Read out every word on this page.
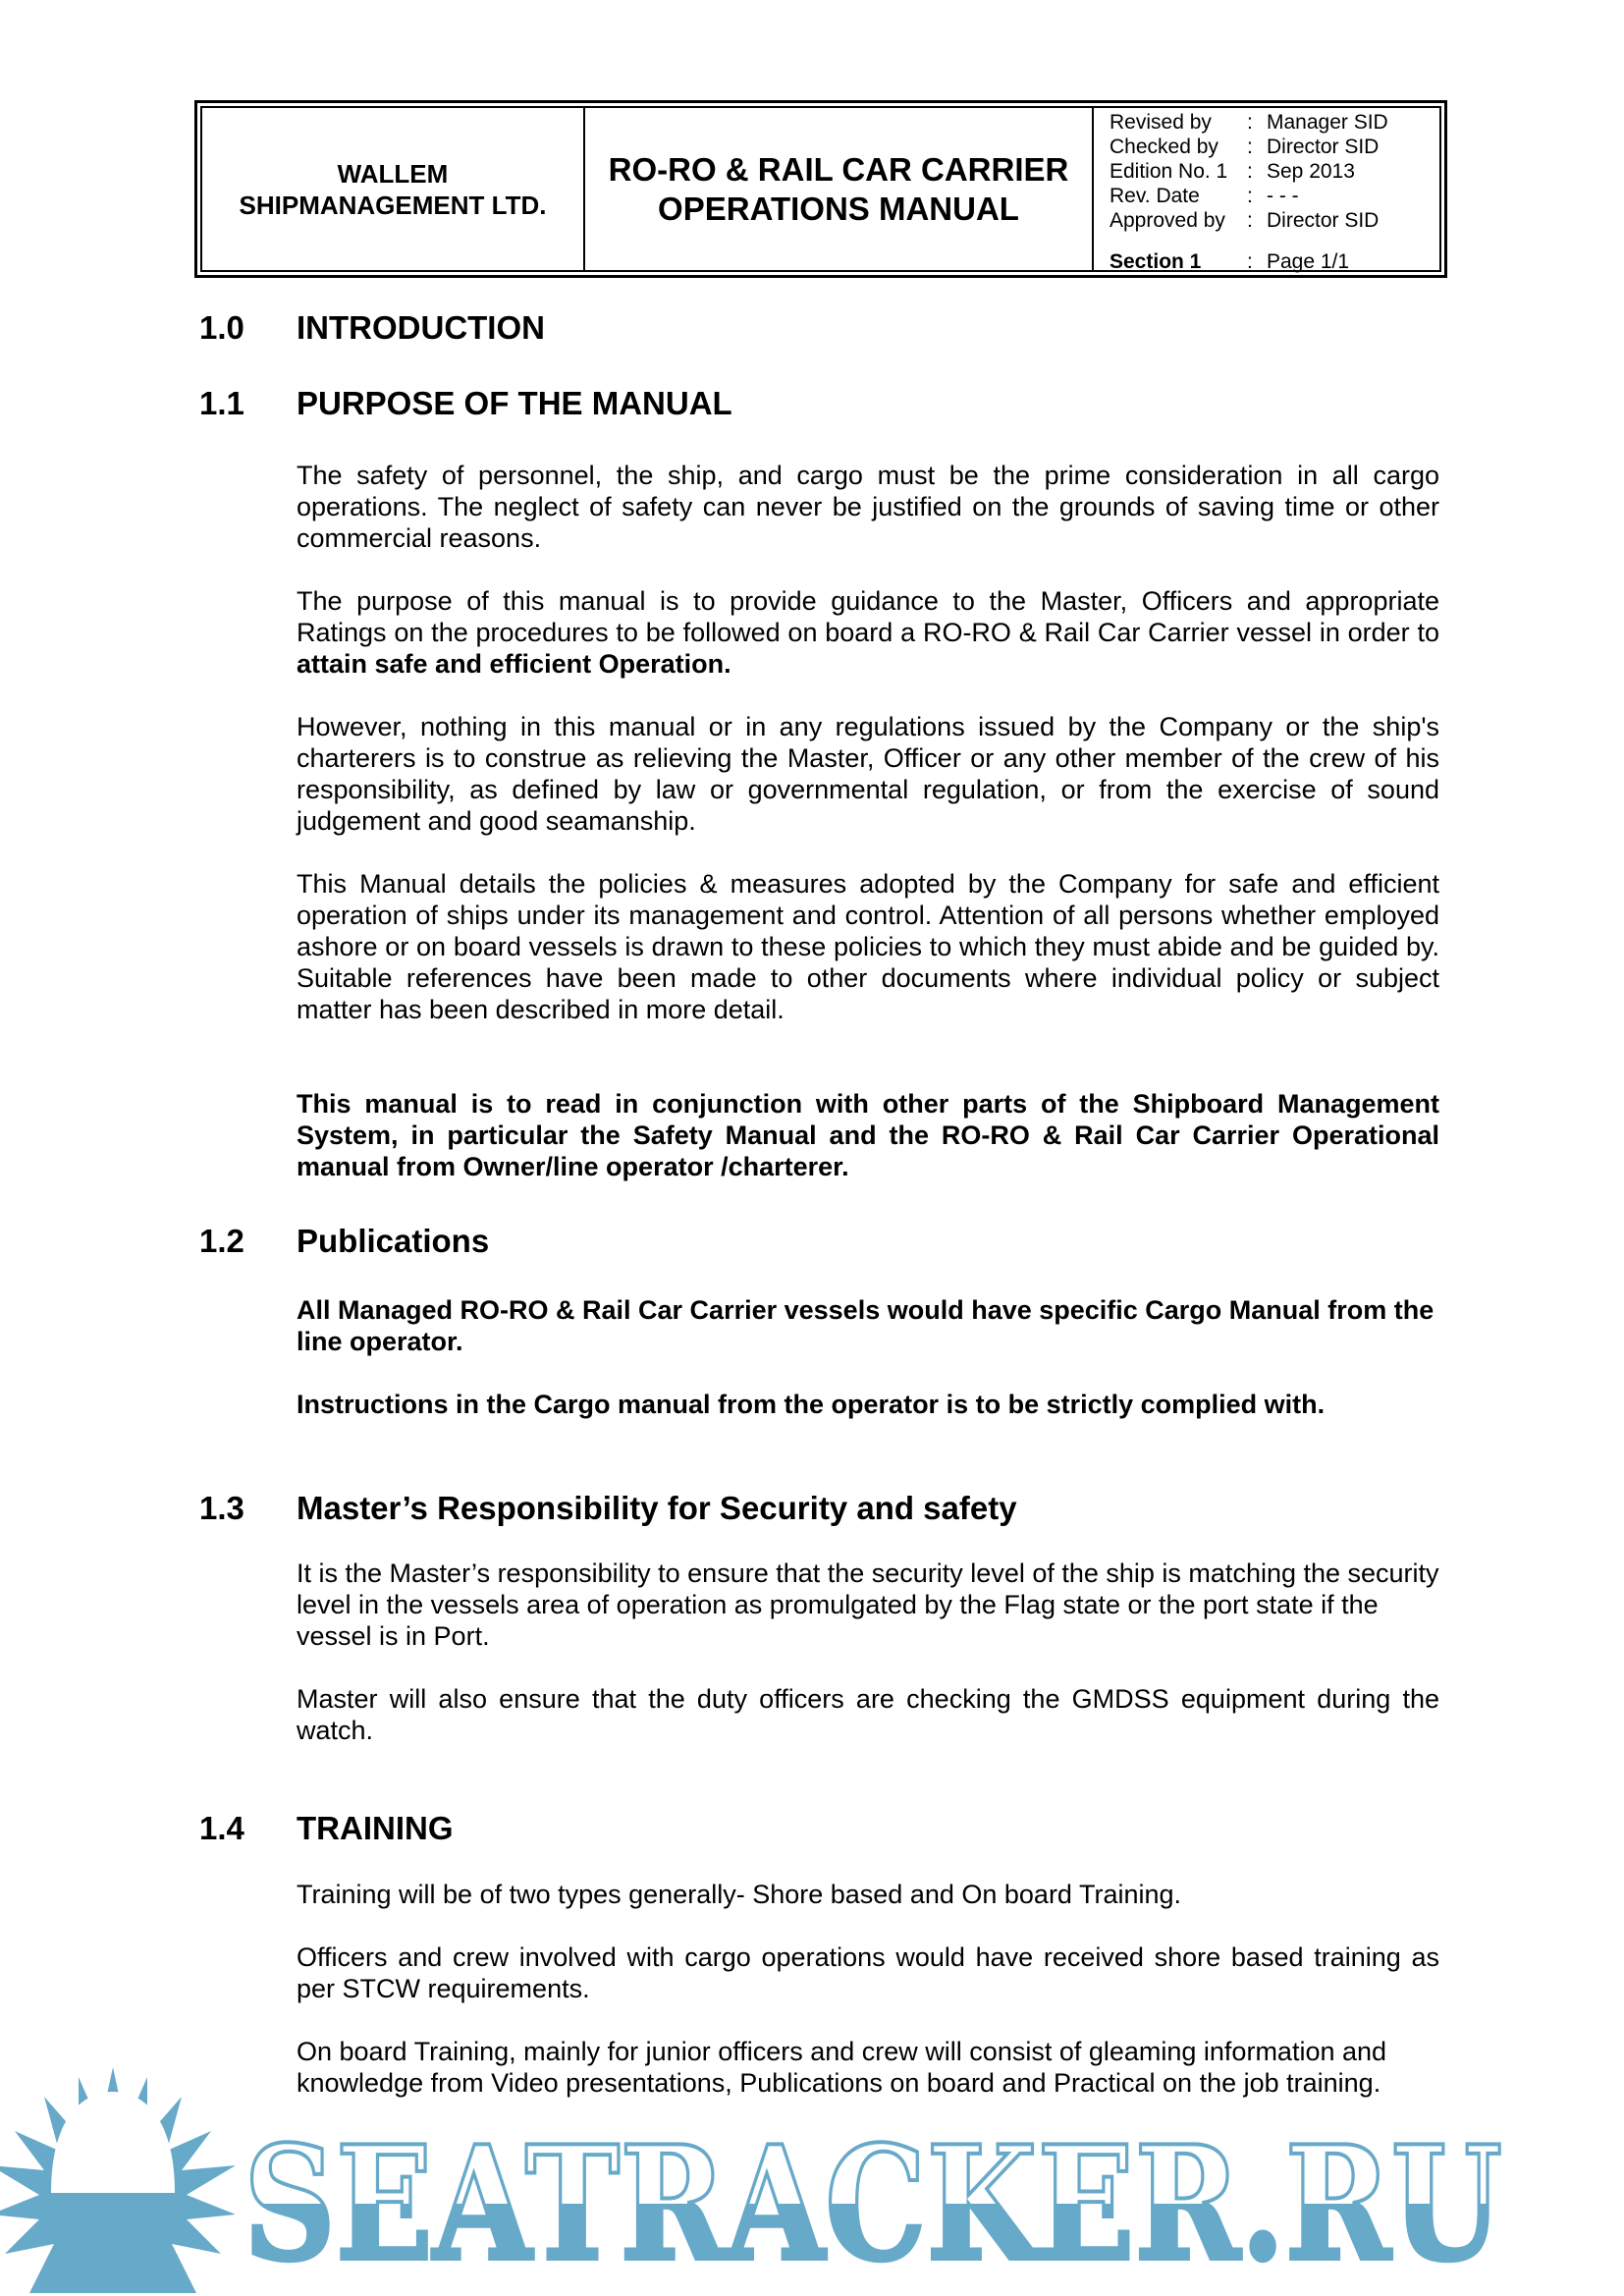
WALLEM
SHIPMANAGEMENT LTD.
RO-RO & RAIL CAR CARRIER
OPERATIONS MANUAL
Revised by	: Manager SID
Checked by	: Director SID
Edition No. 1 : Sep 2013
Rev. Date	: - - -
Approved by	: Director SID
Section 1	: Page 1/1
1.0 INTRODUCTION
1.1 PURPOSE OF THE MANUAL
The safety of personnel, the ship, and cargo must be the prime consideration in all cargo operations. The neglect of safety can never be justified on the grounds of saving time or other commercial reasons.
The purpose of this manual is to provide guidance to the Master, Officers and appropriate Ratings on the procedures to be followed on board a RO-RO & Rail Car Carrier vessel in order to attain safe and efficient Operation.
However, nothing in this manual or in any regulations issued by the Company or the ship's charterers is to construe as relieving the Master, Officer or any other member of the crew of his responsibility, as defined by law or governmental regulation, or from the exercise of sound judgement and good seamanship.
This Manual details the policies & measures adopted by the Company for safe and efficient operation of ships under its management and control. Attention of all persons whether employed ashore or on board vessels is drawn to these policies to which they must abide and be guided by. Suitable references have been made to other documents where individual policy or subject matter has been described in more detail.
This manual is to read in conjunction with other parts of the Shipboard Management System, in particular the Safety Manual and the RO-RO & Rail Car Carrier Operational manual from Owner/line operator /charterer.
1.2 Publications
All Managed RO-RO & Rail Car Carrier vessels would have specific Cargo Manual from the line operator.
Instructions in the Cargo manual from the operator is to be strictly complied with.
1.3 Master’s Responsibility for Security and safety
It is the Master’s responsibility to ensure that the security level of the ship is matching the security level in the vessels area of operation as promulgated by the Flag state or the port state if the vessel is in Port.
Master will also ensure that the duty officers are checking the GMDSS equipment during the watch.
1.4 TRAINING
Training will be of two types generally- Shore based and On board Training.
Officers and crew involved with cargo operations would have received shore based training as per STCW requirements.
On board Training, mainly for junior officers and crew will consist of gleaming information and knowledge from Video presentations, Publications on board and Practical on the job training.
SEATRACKER.RU
